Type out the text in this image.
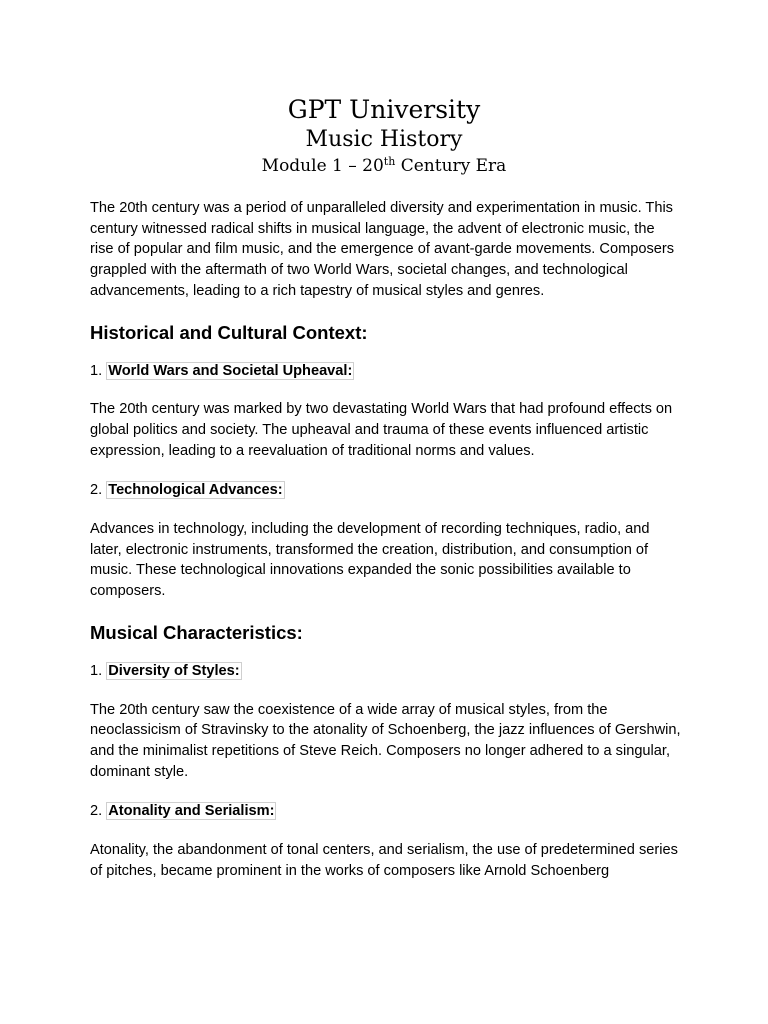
GPT University
Music History
Module 1 – 20th Century Era

The 20th century was a period of unparalleled diversity and experimentation in music. This century witnessed radical shifts in musical language, the advent of electronic music, the rise of popular and film music, and the emergence of avant-garde movements. Composers grappled with the aftermath of two World Wars, societal changes, and technological advancements, leading to a rich tapestry of musical styles and genres.

Historical and Cultural Context:

1. World Wars and Societal Upheaval:

The 20th century was marked by two devastating World Wars that had profound effects on global politics and society. The upheaval and trauma of these events influenced artistic expression, leading to a reevaluation of traditional norms and values.

2. Technological Advances:

Advances in technology, including the development of recording techniques, radio, and later, electronic instruments, transformed the creation, distribution, and consumption of music. These technological innovations expanded the sonic possibilities available to composers.

Musical Characteristics:

1. Diversity of Styles:

The 20th century saw the coexistence of a wide array of musical styles, from the neoclassicism of Stravinsky to the atonality of Schoenberg, the jazz influences of Gershwin, and the minimalist repetitions of Steve Reich. Composers no longer adhered to a singular, dominant style.

2. Atonality and Serialism:

Atonality, the abandonment of tonal centers, and serialism, the use of predetermined series of pitches, became prominent in the works of composers like Arnold Schoenberg
